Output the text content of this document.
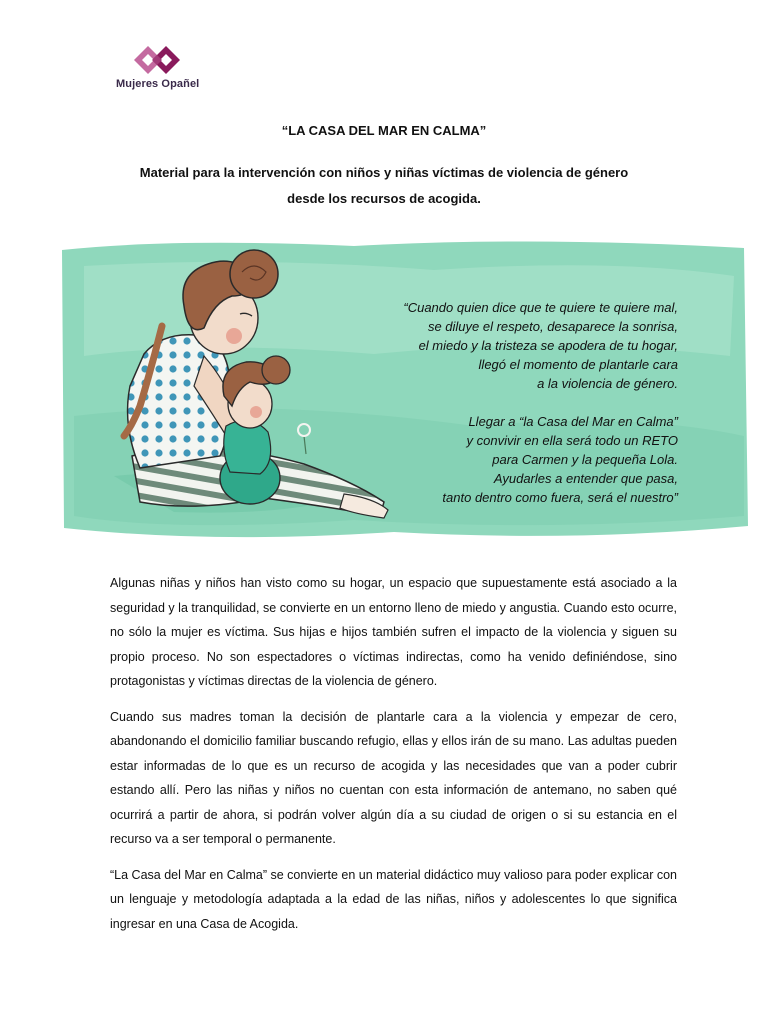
Mujeres Opañel
“LA CASA DEL MAR EN CALMA”
Material para la intervención con niños y niñas víctimas de violencia de género desde los recursos de acogida.

“Cuando quien dice que te quiere te quiere mal,

se diluye el respeto, desaparece la sonrisa,

el miedo y la tristeza se apodera de tu hogar,

llegó el momento de plantarle cara

a la violencia de género.

Llegar a “la Casa del Mar en Calma”

y convivir en ella será todo un RETO

para Carmen y la pequeña Lola.

Ayudarles a entender que pasa,

tanto dentro como fuera, será el nuestro”

Algunas niñas y niños han visto como su hogar, un espacio que supuestamente está asociado a la seguridad y la tranquilidad, se convierte en un entorno lleno de miedo y angustia. Cuando esto ocurre, no sólo la mujer es víctima. Sus hijas e hijos también sufren el impacto de la violencia y siguen su propio proceso. No son espectadores o víctimas indirectas, como ha venido definiéndose, sino protagonistas y víctimas directas de la violencia de género.

Cuando sus madres toman la decisión de plantarle cara a la violencia y empezar de cero, abandonando el domicilio familiar buscando refugio, ellas y ellos irán de su mano. Las adultas pueden estar informadas de lo que es un recurso de acogida y las necesidades que van a poder cubrir estando allí. Pero las niñas y niños no cuentan con esta información de antemano, no saben qué ocurrirá a partir de ahora, si podrán volver algún día a su ciudad de origen o si su estancia en el recurso va a ser temporal o permanente.

“La Casa del Mar en Calma” se convierte en un material didáctico muy valioso para poder explicar con un lenguaje y metodología adaptada a la edad de las niñas, niños y adolescentes lo que significa ingresar en una Casa de Acogida.
